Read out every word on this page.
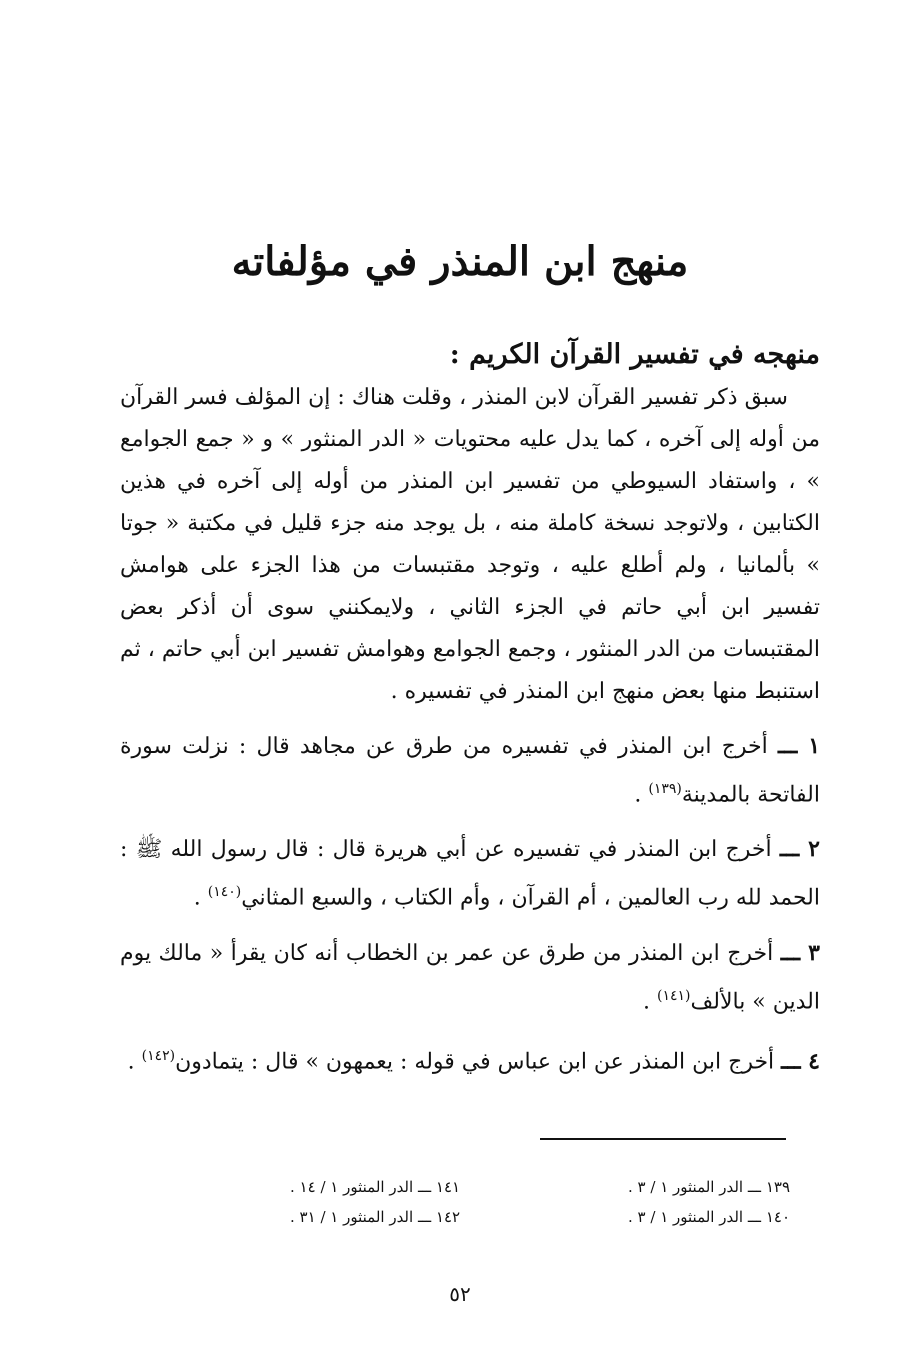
منهج ابن المنذر في مؤلفاته
منهجه في تفسير القرآن الكريم :

سبق ذكر تفسير القرآن لابن المنذر ، وقلت هناك : إن المؤلف فسر القرآن من أوله إلى آخره ، كما يدل عليه محتويات « الدر المنثور » و « جمع الجوامع » ، واستفاد السيوطي من تفسير ابن المنذر من أوله إلى آخره في هذين الكتابين ، ولاتوجد نسخة كاملة منه ، بل يوجد منه جزء قليل في مكتبة « جوتا » بألمانيا ، ولم أطلع عليه ، وتوجد مقتبسات من هذا الجزء على هوامش تفسير ابن أبي حاتم في الجزء الثاني ، ولايمكنني سوى أن أذكر بعض المقتبسات من الدر المنثور ، وجمع الجوامع وهوامش تفسير ابن أبي حاتم ، ثم استنبط منها بعض منهج ابن المنذر في تفسيره .

١ ـــ أخرج ابن المنذر في تفسيره من طرق عن مجاهد قال : نزلت سورة الفاتحة بالمدينة$^{(١٣٩)}$ .

٢ ـــ أخرج ابن المنذر في تفسيره عن أبي هريرة قال : قال رسول الله ﷺ : الحمد لله رب العالمين ، أم القرآن ، وأم الكتاب ، والسبع المثاني$^{(١٤٠)}$ .

٣ ـــ أخرج ابن المنذر من طرق عن عمر بن الخطاب أنه كان يقرأ « مالك يوم الدين » بالألف$^{(١٤١)}$ .

٤ ـــ أخرج ابن المنذر عن ابن عباس في قوله : يعمهون » قال : يتمادون$^{(١٤٢)}$ .

١٣٩ ـــ الدر المنثور ١ / ٣ .
١٤١ ـــ الدر المنثور ١ / ١٤ .
١٤٠ ـــ الدر المنثور ١ / ٣ .
١٤٢ ـــ الدر المنثور ١ / ٣١ .
٥٢
